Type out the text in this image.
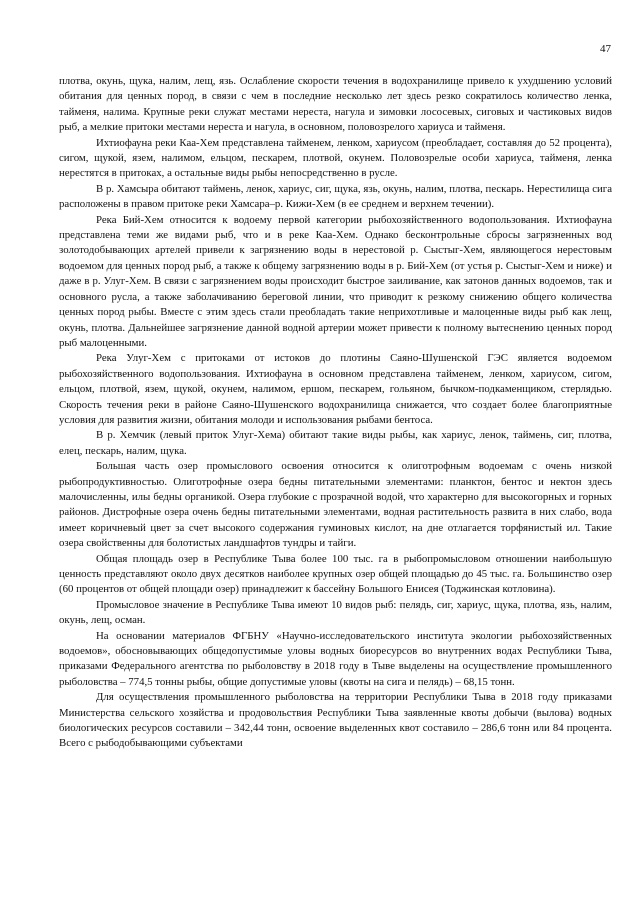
47

плотва, окунь, щука, налим, лещ, язь. Ослабление скорости течения в водохранилище привело к ухудшению условий обитания для ценных пород, в связи с чем в последние несколько лет здесь резко сократилось количество ленка, тайменя, налима. Крупные реки служат местами нереста, нагула и зимовки лососевых, сиговых и частиковых видов рыб, а мелкие притоки местами нереста и нагула, в основном, половозрелого хариуса и тайменя.

Ихтиофауна реки Каа-Хем представлена тайменем, ленком, хариусом (преобладает, составляя до 52 процента), сигом, щукой, язем, налимом, ельцом, пескарем, плотвой, окунем. Половозрелые особи хариуса, тайменя, ленка нерестятся в притоках, а остальные виды рыбы непосредственно в русле.

В р. Хамсыра обитают таймень, ленок, хариус, сиг, щука, язь, окунь, налим, плотва, пескарь. Нерестилища сига расположены в правом притоке реки Хамсара–р. Кижи-Хем (в ее среднем и верхнем течении).

Река Бий-Хем относится к водоему первой категории рыбохозяйственного водопользования. Ихтиофауна представлена теми же видами рыб, что и в реке Каа-Хем. Однако бесконтрольные сбросы загрязненных вод золотодобывающих артелей привели к загрязнению воды в нерестовой р. Сыстыг-Хем, являющегося нерестовым водоемом для ценных пород рыб, а также к общему загрязнению воды в р. Бий-Хем (от устья р. Сыстыг-Хем и ниже) и даже в р. Улуг-Хем. В связи с загрязнением воды происходит быстрое заиливание, как затонов данных водоемов, так и основного русла, а также заболачиванию береговой линии, что приводит к резкому снижению общего количества ценных пород рыбы. Вместе с этим здесь стали преобладать такие неприхотливые и малоценные виды рыб как лещ, окунь, плотва. Дальнейшее загрязнение данной водной артерии может привести к полному вытеснению ценных пород рыб малоценными.

Река Улуг-Хем с притоками от истоков до плотины Саяно-Шушенской ГЭС является водоемом рыбохозяйственного водопользования. Ихтиофауна в основном представлена тайменем, ленком, хариусом, сигом, ельцом, плотвой, язем, щукой, окунем, налимом, ершом, пескарем, гольяном, бычком-подкаменщиком, стерлядью. Скорость течения реки в районе Саяно-Шушенского водохранилища снижается, что создает более благоприятные условия для развития жизни, обитания молоди и использования рыбами бентоса.

В р. Хемчик (левый приток Улуг-Хема) обитают такие виды рыбы, как хариус, ленок, таймень, сиг, плотва, елец, пескарь, налим, щука.

Большая часть озер промыслового освоения относится к олиготрофным водоемам с очень низкой рыбопродуктивностью. Олиготрофные озера бедны питательными элементами: планктон, бентос и нектон здесь малочисленны, илы бедны органикой. Озера глубокие с прозрачной водой, что характерно для высокогорных и горных районов. Дистрофные озера очень бедны питательными элементами, водная растительность развита в них слабо, вода имеет коричневый цвет за счет высокого содержания гуминовых кислот, на дне отлагается торфянистый ил. Такие озера свойственны для болотистых ландшафтов тундры и тайги.

Общая площадь озер в Республике Тыва более 100 тыс. га в рыбопромысловом отношении наибольшую ценность представляют около двух десятков наиболее крупных озер общей площадью до 45 тыс. га. Большинство озер (60 процентов от общей площади озер) принадлежит к бассейну Большого Енисея (Тоджинская котловина).

Промысловое значение в Республике Тыва имеют 10 видов рыб: пелядь, сиг, хариус, щука, плотва, язь, налим, окунь, лещ, осман.

На основании материалов ФГБНУ «Научно-исследовательского института экологии рыбохозяйственных водоемов», обосновывающих общедопустимые уловы водных биоресурсов во внутренних водах Республики Тыва, приказами Федерального агентства по рыболовству в 2018 году в Тыве выделены на осуществление промышленного рыболовства – 774,5 тонны рыбы, общие допустимые уловы (квоты на сига и пелядь) – 68,15 тонн.

Для осуществления промышленного рыболовства на территории Республики Тыва в 2018 году приказами Министерства сельского хозяйства и продовольствия Республики Тыва заявленные квоты добычи (вылова) водных биологических ресурсов составили – 342,44 тонн, освоение выделенных квот составило – 286,6 тонн или 84 процента. Всего с рыбодобывающими субъектами
